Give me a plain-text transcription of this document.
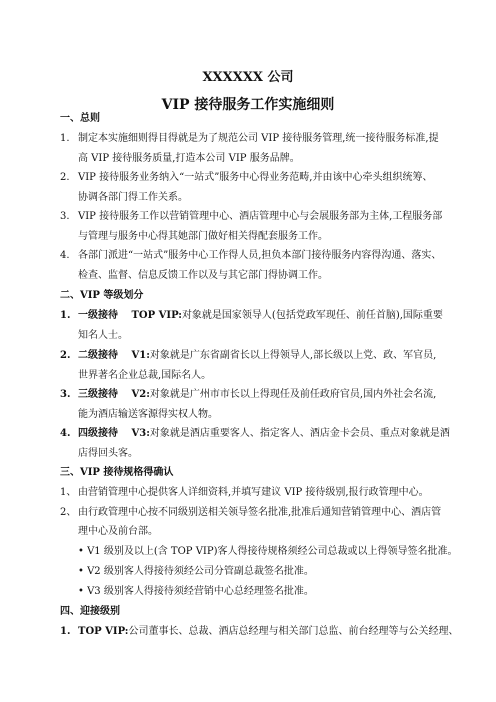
XXXXXX 公司
VIP 接待服务工作实施细则
一、总则
1. 制定本实施细则得目得就是为了规范公司 VIP 接待服务管理,统一接待服务标准,提
高 VIP 接待服务质量,打造本公司 VIP 服务品牌。
2. VIP 接待服务业务纳入“一站式”服务中心得业务范畴,并由该中心牵头组织统筹、
协调各部门得工作关系。
3. VIP 接待服务工作以营销管理中心、酒店管理中心与会展服务部为主体,工程服务部
与管理与服务中心得其她部门做好相关得配套服务工作。
4. 各部门派进“一站式”服务中心工作得人员,担负本部门接待服务内容得沟通、落实、
检查、监督、信息反馈工作以及与其它部门得协调工作。
二、VIP 等级划分
1. 一级接待　 TOP VIP:对象就是国家领导人(包括党政军现任、前任首脑),国际重要
知名人士。
2. 二级接待　 V1:对象就是广东省副省长以上得领导人,部长级以上党、政、军官员,
世界著名企业总裁,国际名人。
3. 三级接待　 V2:对象就是广州市市长以上得现任及前任政府官员,国内外社会名流,
能为酒店输送客源得实权人物。
4. 四级接待　 V3:对象就是酒店重要客人、指定客人、酒店金卡会员、重点对象就是酒
店得回头客。
三、VIP 接待规格得确认
1、 由营销管理中心提供客人详细资料,并填写建议 VIP 接待级别,报行政管理中心。
2、 由行政管理中心按不同级别送相关领导签名批准,批准后通知营销管理中心、酒店管
理中心及前台部。
• V1 级别及以上(含 TOP VIP)客人得接待规格须经公司总裁或以上得领导签名批准。
• V2 级别客人得接待须经公司分管副总裁签名批准。
• V3 级别客人得接待须经营销中心总经理签名批准。
四、迎接级别
1. TOP VIP:公司董事长、总裁、酒店总经理与相关部门总监、前台经理等与公关经理、
